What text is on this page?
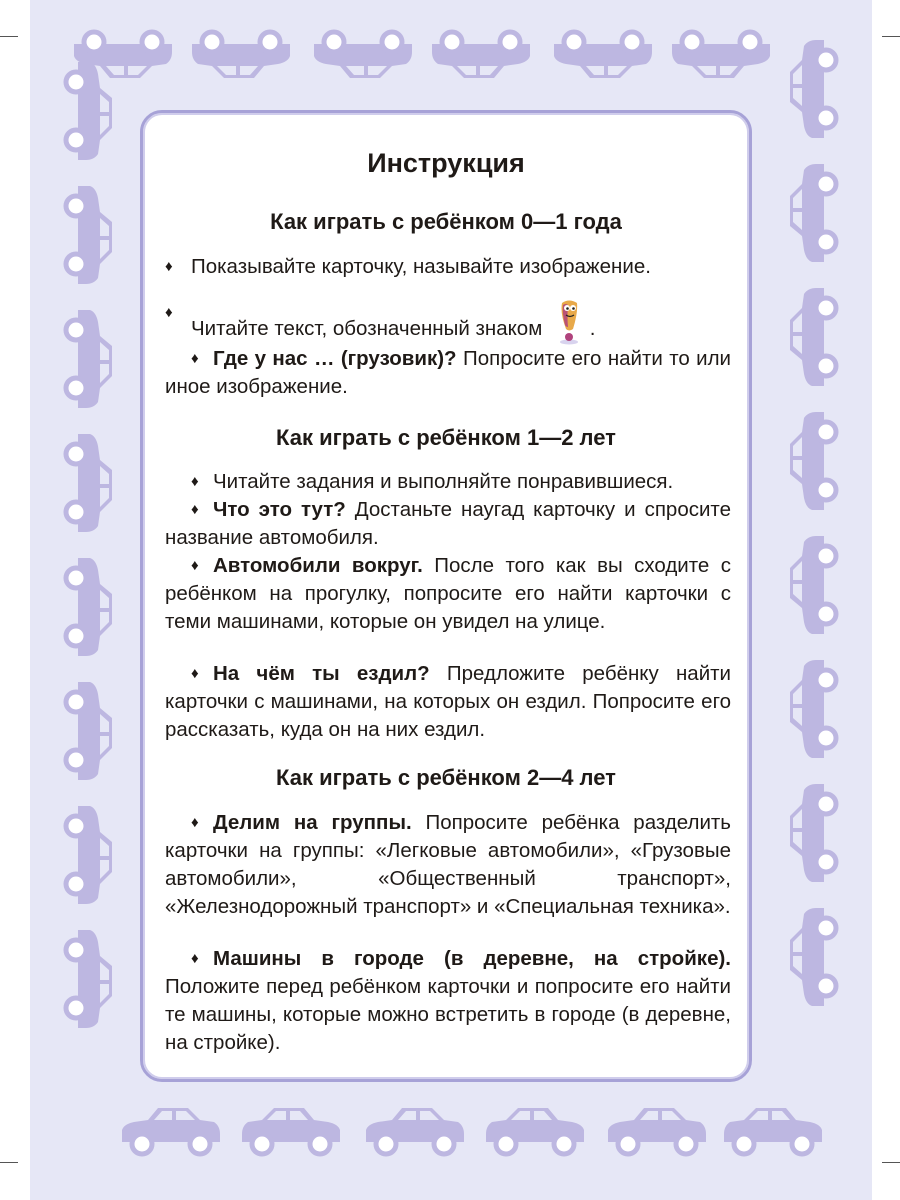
Инструкция
Как играть с ребёнком 0—1 года
♦ Показывайте карточку, называйте изображение.
♦
Читайте текст, обозначенный знаком .
♦ Где у нас … (грузовик)? Попросите его найти то или иное изображение.
Как играть с ребёнком 1—2 лет
♦ Читайте задания и выполняйте понравившиеся.
♦ Что это тут? Достаньте наугад карточку и спросите название автомобиля.
♦ Автомобили вокруг. После того как вы сходите с ребёнком на прогулку, попросите его найти карточки с теми машинами, которые он увидел на улице.
♦ На чём ты ездил? Предложите ребёнку найти карточки с машинами, на которых он ездил. Попросите его рассказать, куда он на них ездил.
Как играть с ребёнком 2—4 лет
♦ Делим на группы. Попросите ребёнка разделить карточки на группы: «Легковые автомобили», «Грузовые автомобили», «Общественный транспорт», «Железнодорожный транспорт» и «Специальная техника».
♦ Машины в городе (в деревне, на стройке). Положите перед ребёнком карточки и попросите его найти те машины, которые можно встретить в городе (в деревне, на стройке).
